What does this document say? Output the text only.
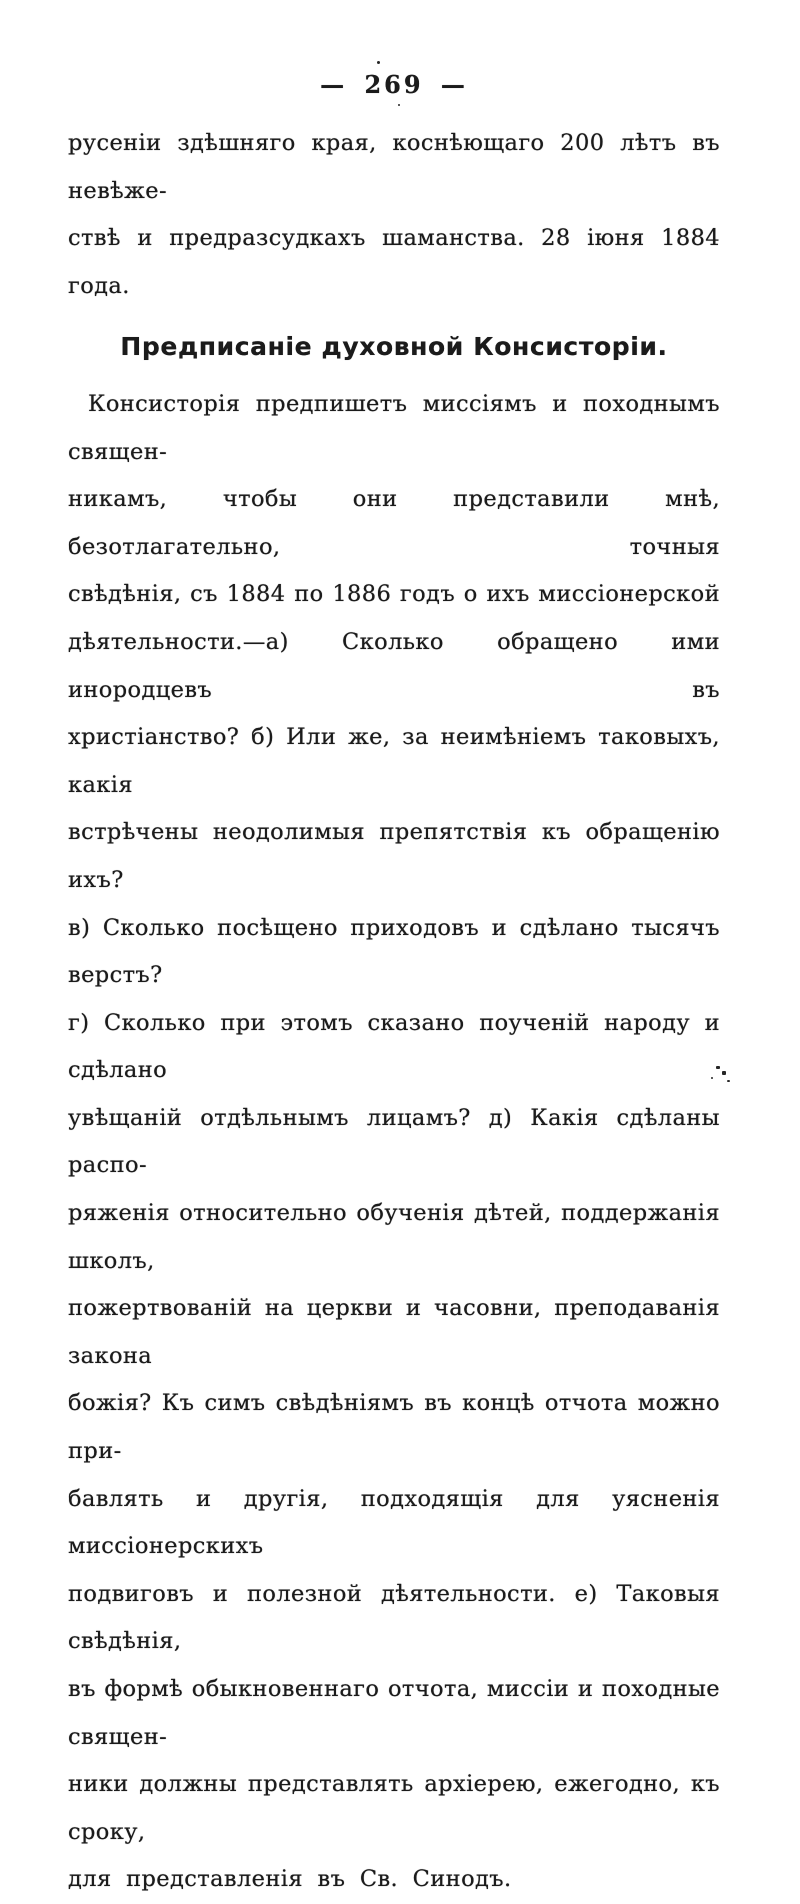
— 269 —
русеніи здѣшняго края, коснѣющаго 200 лѣтъ въ невѣже-
ствѣ и предразсудкахъ шаманства. 28 іюня 1884 года.
Предписаніе духовной Консисторіи.
Консисторія предпишетъ миссіямъ и походнымъ священ-
никамъ, чтобы они представили мнѣ, безотлагательно, точныя
свѣдѣнія, съ 1884 по 1886 годъ о ихъ миссіонерской
дѣятельности.—а) Сколько обращено ими инородцевъ въ
христіанство? б) Или же, за неимѣніемъ таковыхъ, какія
встрѣчены неодолимыя препятствія къ обращенію ихъ?
в) Сколько посѣщено приходовъ и сдѣлано тысячъ верстъ?
г) Сколько при этомъ сказано поученій народу и сдѣлано
увѣщаній отдѣльнымъ лицамъ? д) Какія сдѣланы распо-
ряженія относительно обученія дѣтей, поддержанія школъ,
пожертвованій на церкви и часовни, преподаванія закона
божія? Къ симъ свѣдѣніямъ въ концѣ отчота можно при-
бавлять и другія, подходящія для уясненія миссіонерскихъ
подвиговъ и полезной дѣятельности. е) Таковыя свѣдѣнія,
въ формѣ обыкновеннаго отчота, миссіи и походные священ-
ники должны представлять архіерею, ежегодно, къ сроку,
для представленія въ Св. Синодъ.
